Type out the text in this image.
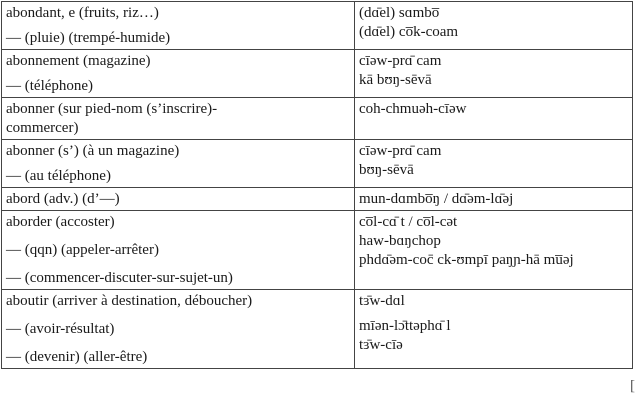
abondant, e (fruits, riz…)
— (pluie) (trempé-humide)	(dɑ̄el) sɑmbo̅
(dɑ̄el) co̅k-coam

abonnement (magazine)
— (téléphone)	cīəw-prɑ̄ cam
kā bʊŋ-sēvā

abonner (sur pied-nom (s’inscrire)-
commercer)	coh-chmuəh-cīəw

abonner (s’) (à un magazine)
— (au téléphone)	cīəw-prɑ̄ cam
bʊŋ-sēvā

abord (adv.) (d’—)	mun-dɑmbo̅ŋ / dɑ̄əm-lɑ̄əj

aborder (accoster)
— (qqn) (appeler-arrêter)
— (commencer-discuter-sur-sujet-un)	co̅l-cɑ̄ t / co̅l-cət
haw-bɑŋchop
phdɑ̄əm-coc̄ ck-ʊmpī paŋɲ-hā mu̅əj

aboutir (arriver à destination, déboucher)
— (avoir-résultat)
— (devenir) (aller-être)	tɜ̄w-dɑl
mīən-lɔ̄ttəphɑ̄ l
tɜ̄w-cīə
[
